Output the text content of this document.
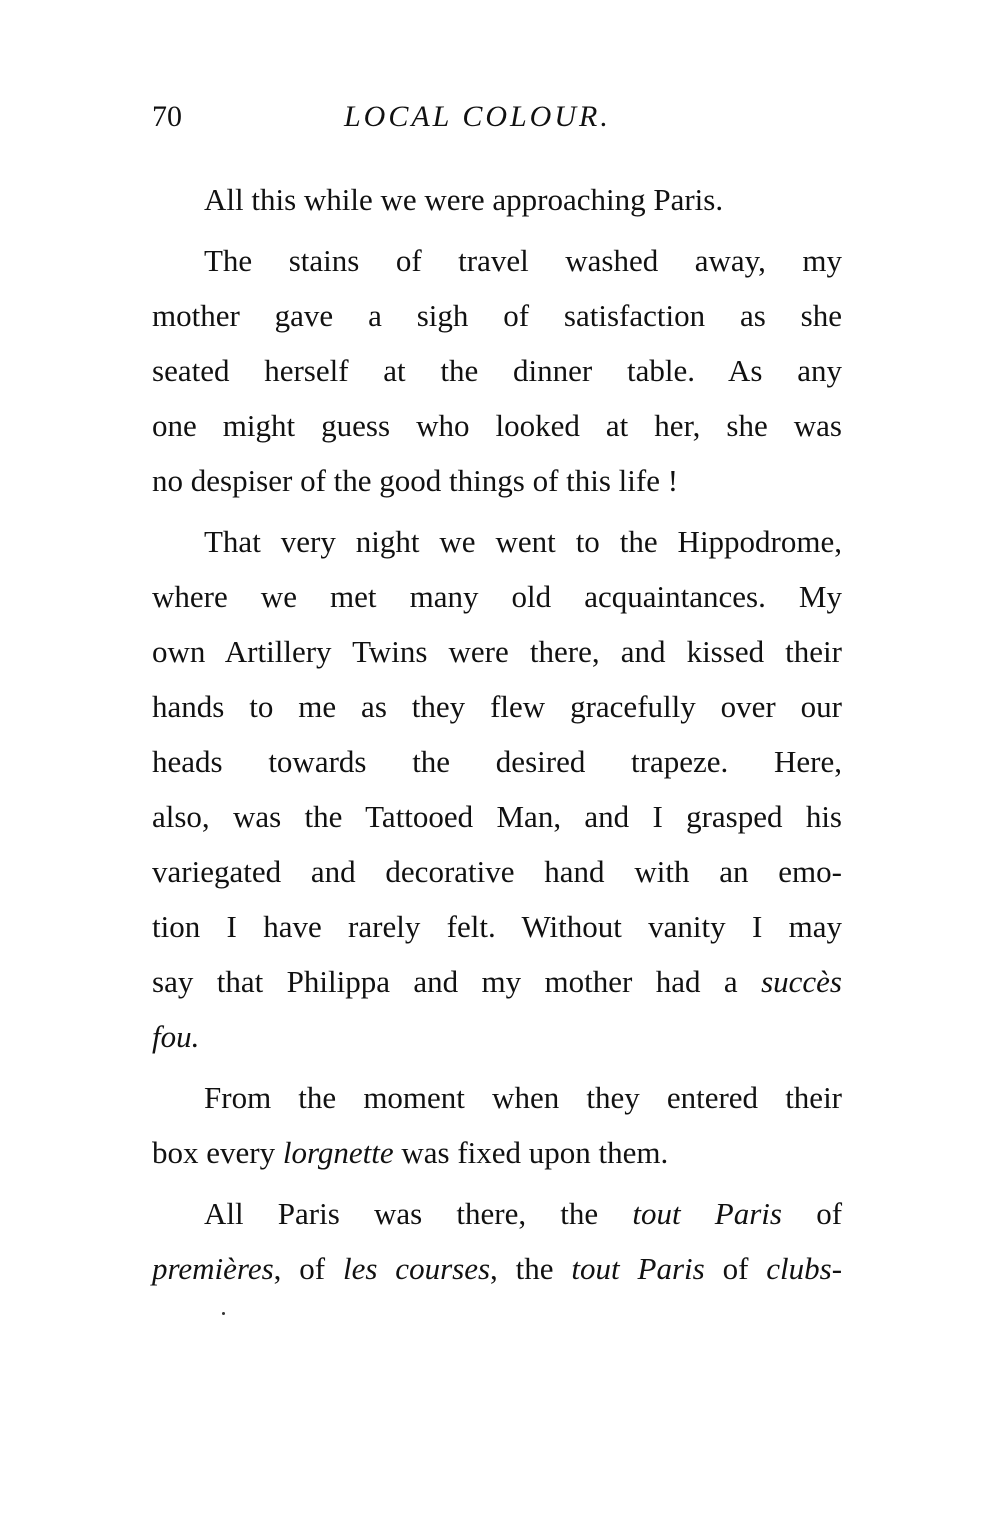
70	LOCAL COLOUR.

All this while we were approaching Paris.

The stains of travel washed away, my
mother gave a sigh of satisfaction as she
seated herself at the dinner table. As any
one might guess who looked at her, she was
no despiser of the good things of this life !

That very night we went to the Hippodrome,
where we met many old acquaintances. My
own Artillery Twins were there, and kissed their
hands to me as they flew gracefully over our
heads towards the desired trapeze. Here,
also, was the Tattooed Man, and I grasped his
variegated and decorative hand with an emo-
tion I have rarely felt. Without vanity I may
say that Philippa and my mother had a succès
fou.

From the moment when they entered their
box every lorgnette was fixed upon them.

All Paris was there, the tout Paris of
premières, of les courses, the tout Paris of clubs-
